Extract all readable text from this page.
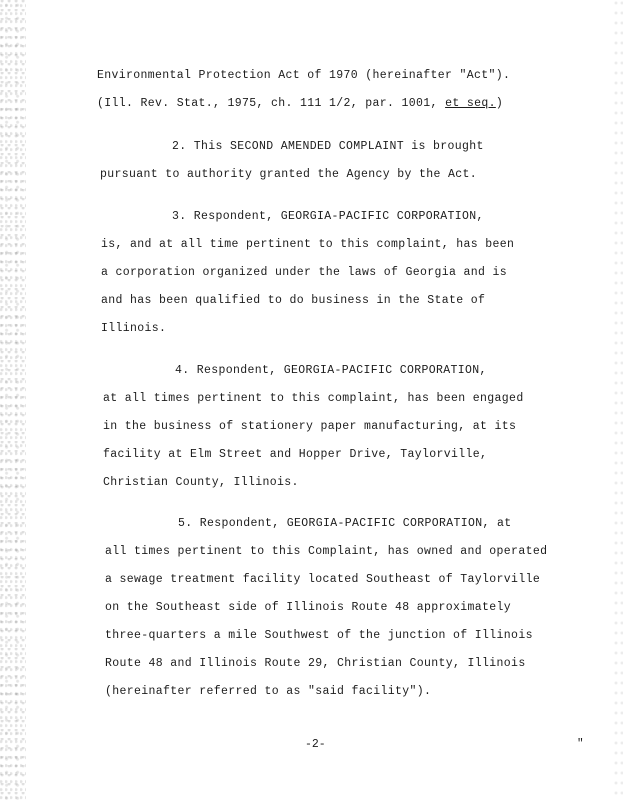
Environmental Protection Act of 1970 (hereinafter "Act").
(Ill. Rev. Stat., 1975, ch. 111 1/2, par. 1001, et seq.)
2. This SECOND AMENDED COMPLAINT is brought
pursuant to authority granted the Agency by the Act.
3. Respondent, GEORGIA-PACIFIC CORPORATION,
is, and at all time pertinent to this complaint, has been
a corporation organized under the laws of Georgia and is
and has been qualified to do business in the State of
Illinois.
4. Respondent, GEORGIA-PACIFIC CORPORATION,
at all times pertinent to this complaint, has been engaged
in the business of stationery paper manufacturing, at its
facility at Elm Street and Hopper Drive, Taylorville,
Christian County, Illinois.
5. Respondent, GEORGIA-PACIFIC CORPORATION, at
all times pertinent to this Complaint, has owned and operated
a sewage treatment facility located Southeast of Taylorville
on the Southeast side of Illinois Route 48 approximately
three-quarters a mile Southwest of the junction of Illinois
Route 48 and Illinois Route 29, Christian County, Illinois
(hereinafter referred to as "said facility").
-2-	"
